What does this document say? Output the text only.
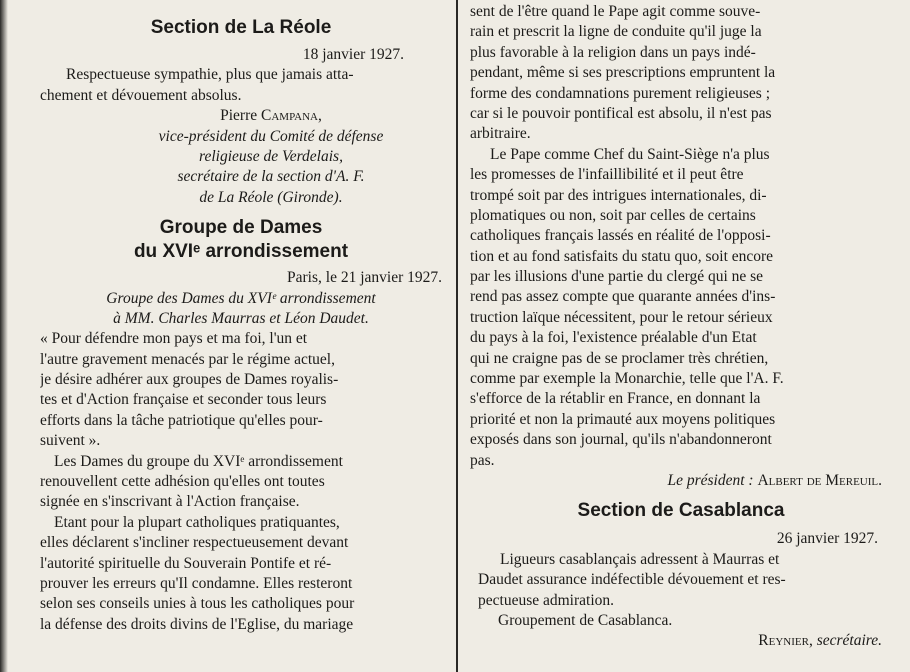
Section de La Réole
18 janvier 1927.
Respectueuse sympathie, plus que jamais atta-
chement et dévouement absolus.
Pierre Campana,
vice-président du Comité de défense
religieuse de Verdelais,
secrétaire de la section d'A. F.
de La Réole (Gironde).
Groupe de Dames
du XVIᵉ arrondissement
Paris, le 21 janvier 1927.
Groupe des Dames du XVIᵉ arrondissement
à MM. Charles Maurras et Léon Daudet.
« Pour défendre mon pays et ma foi, l'un et
l'autre gravement menacés par le régime actuel,
je désire adhérer aux groupes de Dames royalis-
tes et d'Action française et seconder tous leurs
efforts dans la tâche patriotique qu'elles pour-
suivent ».
Les Dames du groupe du XVIᵉ arrondissement
renouvellent cette adhésion qu'elles ont toutes
signée en s'inscrivant à l'Action française.
Etant pour la plupart catholiques pratiquantes,
elles déclarent s'incliner respectueusement devant
l'autorité spirituelle du Souverain Pontife et ré-
prouver les erreurs qu'Il condamne. Elles resteront
selon ses conseils unies à tous les catholiques pour
la défense des droits divins de l'Eglise, du mariage
sent de l'être quand le Pape agit comme souve-
rain et prescrit la ligne de conduite qu'il juge la
plus favorable à la religion dans un pays indé-
pendant, même si ses prescriptions empruntent la
forme des condamnations purement religieuses ;
car si le pouvoir pontifical est absolu, il n'est pas
arbitraire.
Le Pape comme Chef du Saint-Siège n'a plus
les promesses de l'infaillibilité et il peut être
trompé soit par des intrigues internationales, di-
plomatiques ou non, soit par celles de certains
catholiques français lassés en réalité de l'opposi-
tion et au fond satisfaits du statu quo, soit encore
par les illusions d'une partie du clergé qui ne se
rend pas assez compte que quarante années d'ins-
truction laïque nécessitent, pour le retour sérieux
du pays à la foi, l'existence préalable d'un Etat
qui ne craigne pas de se proclamer très chrétien,
comme par exemple la Monarchie, telle que l'A. F.
s'efforce de la rétablir en France, en donnant la
priorité et non la primauté aux moyens politiques
exposés dans son journal, qu'ils n'abandonneront
pas.
Le président : Albert de Mereuil.
Section de Casablanca
26 janvier 1927.
Ligueurs casablançais adressent à Maurras et
Daudet assurance indéfectible dévouement et res-
pectueuse admiration.
Groupement de Casablanca.
Reynier, secrétaire.
